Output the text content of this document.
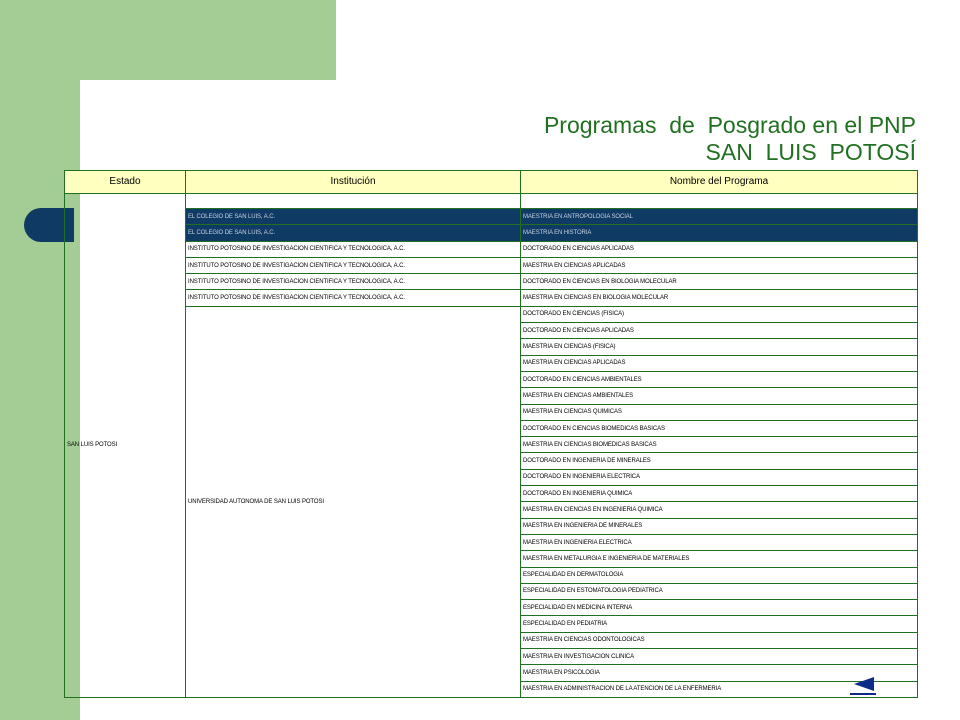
Programas  de  Posgrado en el PNP
SAN  LUIS  POTOSÍ
Estado	Institución	Nombre del Programa
SAN LUIS POTOSI		
	EL COLEGIO DE SAN LUIS, A.C.	MAESTRIA EN ANTROPOLOGIA SOCIAL
	EL COLEGIO DE SAN LUIS, A.C.	MAESTRIA EN HISTORIA
	INSTITUTO POTOSINO DE INVESTIGACION CIENTIFICA Y TECNOLOGICA, A.C.	DOCTORADO EN CIENCIAS APLICADAS
	INSTITUTO POTOSINO DE INVESTIGACION CIENTIFICA Y TECNOLOGICA, A.C.	MAESTRIA EN CIENCIAS APLICADAS
	INSTITUTO POTOSINO DE INVESTIGACION CIENTIFICA Y TECNOLOGICA, A.C.	DOCTORADO EN CIENCIAS EN BIOLOGIA MOLECULAR
	INSTITUTO POTOSINO DE INVESTIGACION CIENTIFICA Y TECNOLOGICA, A.C.	MAESTRIA EN CIENCIAS EN BIOLOGIA MOLECULAR
	UNIVERSIDAD AUTONOMA DE SAN LUIS POTOSI	DOCTORADO EN CIENCIAS (FISICA)
		DOCTORADO EN CIENCIAS APLICADAS
		MAESTRIA EN CIENCIAS (FISICA)
		MAESTRIA EN CIENCIAS APLICADAS
		DOCTORADO EN CIENCIAS AMBIENTALES
		MAESTRIA EN CIENCIAS AMBIENTALES
		MAESTRIA EN CIENCIAS QUIMICAS
		DOCTORADO EN CIENCIAS BIOMEDICAS BASICAS
		MAESTRIA EN CIENCIAS BIOMEDICAS BASICAS
		DOCTORADO EN INGENIERIA DE MINERALES
		DOCTORADO EN INGENIERIA ELECTRICA
		DOCTORADO EN INGENIERIA QUIMICA
		MAESTRIA EN CIENCIAS EN INGENIERIA QUIMICA
		MAESTRIA EN INGENIERIA DE MINERALES
		MAESTRIA EN INGENIERIA ELECTRICA
		MAESTRIA EN METALURGIA E INGENIERIA DE MATERIALES
		ESPECIALIDAD EN DERMATOLOGIA
		ESPECIALIDAD EN ESTOMATOLOGIA PEDIATRICA
		ESPECIALIDAD EN MEDICINA INTERNA
		ESPECIALIDAD EN PEDIATRIA
		MAESTRIA EN CIENCIAS ODONTOLOGICAS
		MAESTRIA EN INVESTIGACION CLINICA
		MAESTRIA EN PSICOLOGIA
		MAESTRIA EN ADMINISTRACION DE LA ATENCION DE LA ENFERMERIA
